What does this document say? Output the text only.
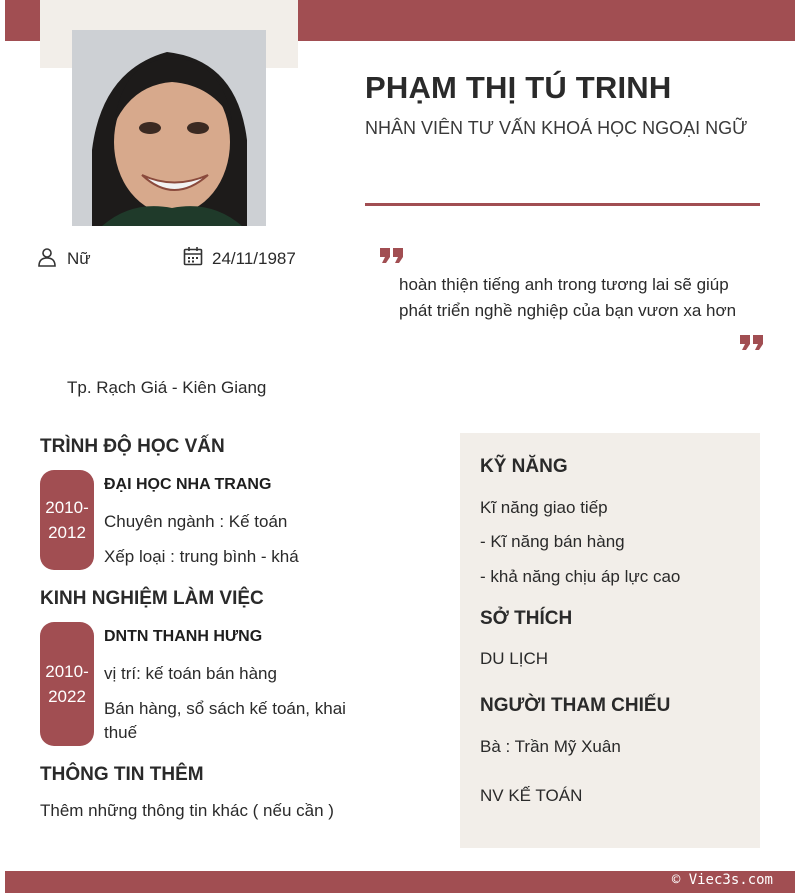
PHẠM THỊ TÚ TRINH
NHÂN VIÊN TƯ VẤN KHOÁ HỌC NGOẠI NGỮ
Nữ	24/11/1987
Tp. Rạch Giá - Kiên Giang
hoàn thiện tiếng anh trong tương lai sẽ giúp phát triển nghề nghiệp của bạn vươn xa hơn
TRÌNH ĐỘ HỌC VẤN
2010-
2012
ĐẠI HỌC NHA TRANG
Chuyên ngành : Kế toán
Xếp loại : trung bình - khá
KINH NGHIỆM LÀM VIỆC
2010-
2022
DNTN THANH HƯNG
vị trí: kế toán bán hàng
Bán hàng, sổ sách kế toán, khai thuế
THÔNG TIN THÊM
Thêm những thông tin khác ( nếu cần )
KỸ NĂNG
Kĩ năng giao tiếp
- Kĩ năng bán hàng
- khả năng chịu áp lực cao
SỞ THÍCH
DU LỊCH
NGƯỜI THAM CHIẾU
Bà : Trần Mỹ Xuân
NV KẾ TOÁN
© Viec3s.com
